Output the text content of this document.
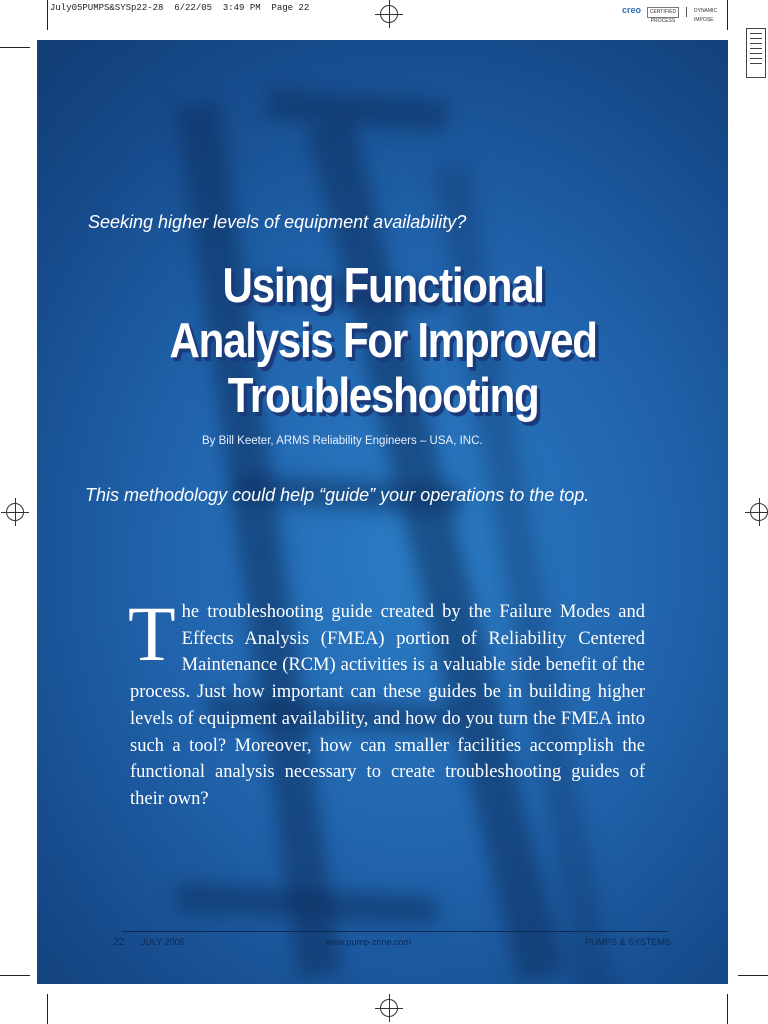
July05PUMPS&SYSp22-28  6/22/05  3:49 PM  Page 22	creo	CERTIFIED PROCESS
DYNAMIC IMPOSE
Seeking higher levels of equipment availability?
Using Functional
Analysis For Improved
Troubleshooting
By Bill Keeter, ARMS Reliability Engineers – USA, INC.
This methodology could help “guide” your operations to the top.
The troubleshooting guide created by the Failure Modes and Effects Analysis (FMEA) portion of Reliability Centered Maintenance (RCM) activities is a valuable side benefit of the process. Just how important can these guides be in building higher levels of equipment availability, and how do you turn the FMEA into such a tool? Moreover, how can smaller facilities accomplish the functional analysis necessary to create troubleshooting guides of their own?
22 JULY 2005	www.pump-zone.com	PUMPS & SYSTEMS
